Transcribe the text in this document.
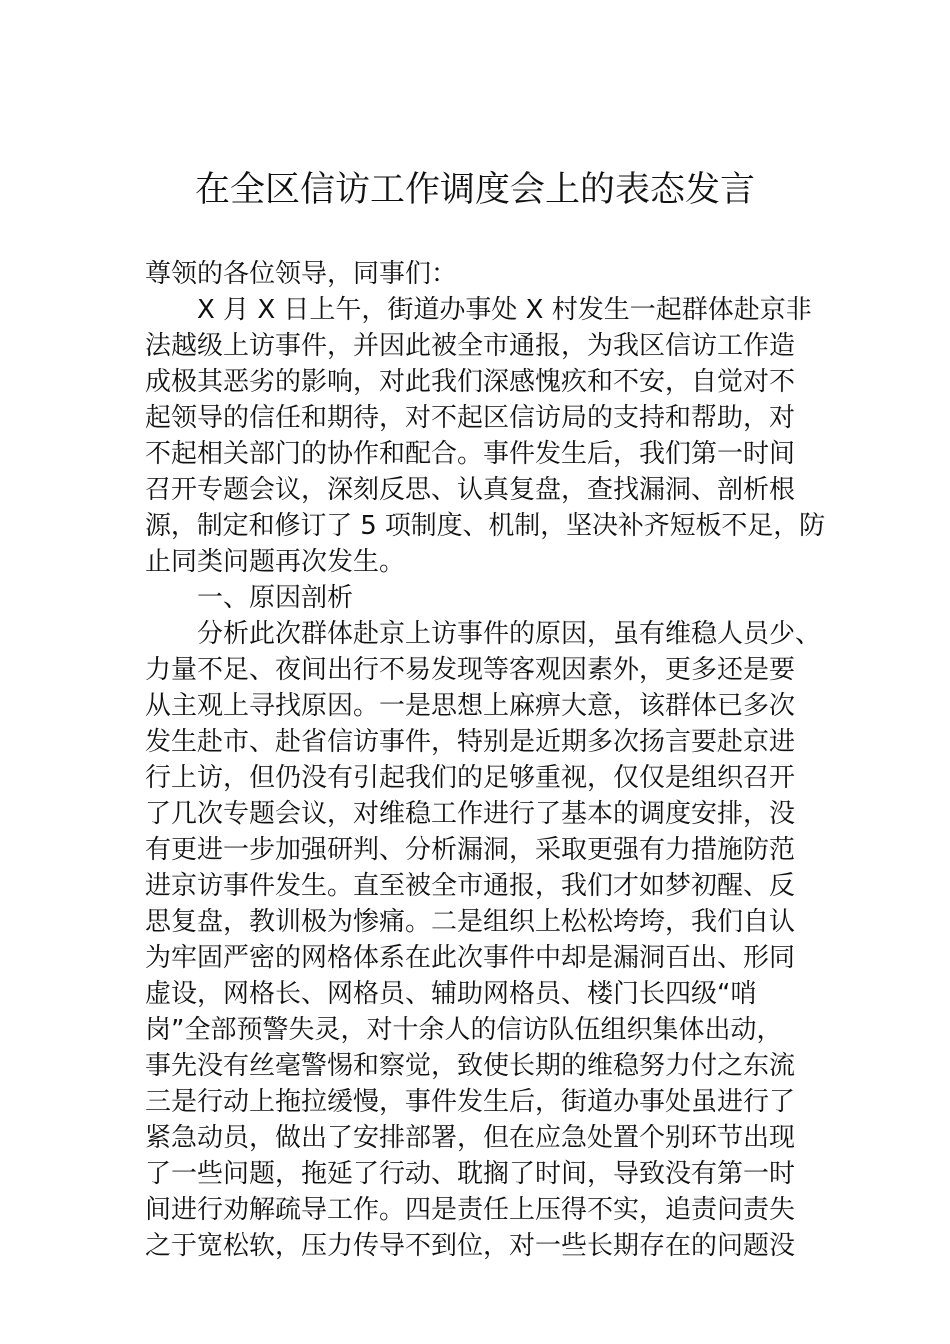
在全区信访工作调度会上的表态发言
尊领的各位领导，同事们：
X 月 X 日上午，街道办事处 X 村发生一起群体赴京非
法越级上访事件，并因此被全市通报，为我区信访工作造
成极其恶劣的影响，对此我们深感愧疚和不安，自觉对不
起领导的信任和期待，对不起区信访局的支持和帮助，对
不起相关部门的协作和配合。事件发生后，我们第一时间
召开专题会议，深刻反思、认真复盘，查找漏洞、剖析根
源，制定和修订了 5 项制度、机制，坚决补齐短板不足，防
止同类问题再次发生。
一、原因剖析
分析此次群体赴京上访事件的原因，虽有维稳人员少、
力量不足、夜间出行不易发现等客观因素外，更多还是要
从主观上寻找原因。一是思想上麻痹大意，该群体已多次
发生赴市、赴省信访事件，特别是近期多次扬言要赴京进
行上访，但仍没有引起我们的足够重视，仅仅是组织召开
了几次专题会议，对维稳工作进行了基本的调度安排，没
有更进一步加强研判、分析漏洞，采取更强有力措施防范
进京访事件发生。直至被全市通报，我们才如梦初醒、反
思复盘，教训极为惨痛。二是组织上松松垮垮，我们自认
为牢固严密的网格体系在此次事件中却是漏洞百出、形同
虚设，网格长、网格员、辅助网格员、楼门长四级“哨
岗”全部预警失灵，对十余人的信访队伍组织集体出动，
事先没有丝毫警惕和察觉，致使长期的维稳努力付之东流
三是行动上拖拉缓慢，事件发生后，街道办事处虽进行了
紧急动员，做出了安排部署，但在应急处置个别环节出现
了一些问题，拖延了行动、耽搁了时间，导致没有第一时
间进行劝解疏导工作。四是责任上压得不实，追责问责失
之于宽松软，压力传导不到位，对一些长期存在的问题没
